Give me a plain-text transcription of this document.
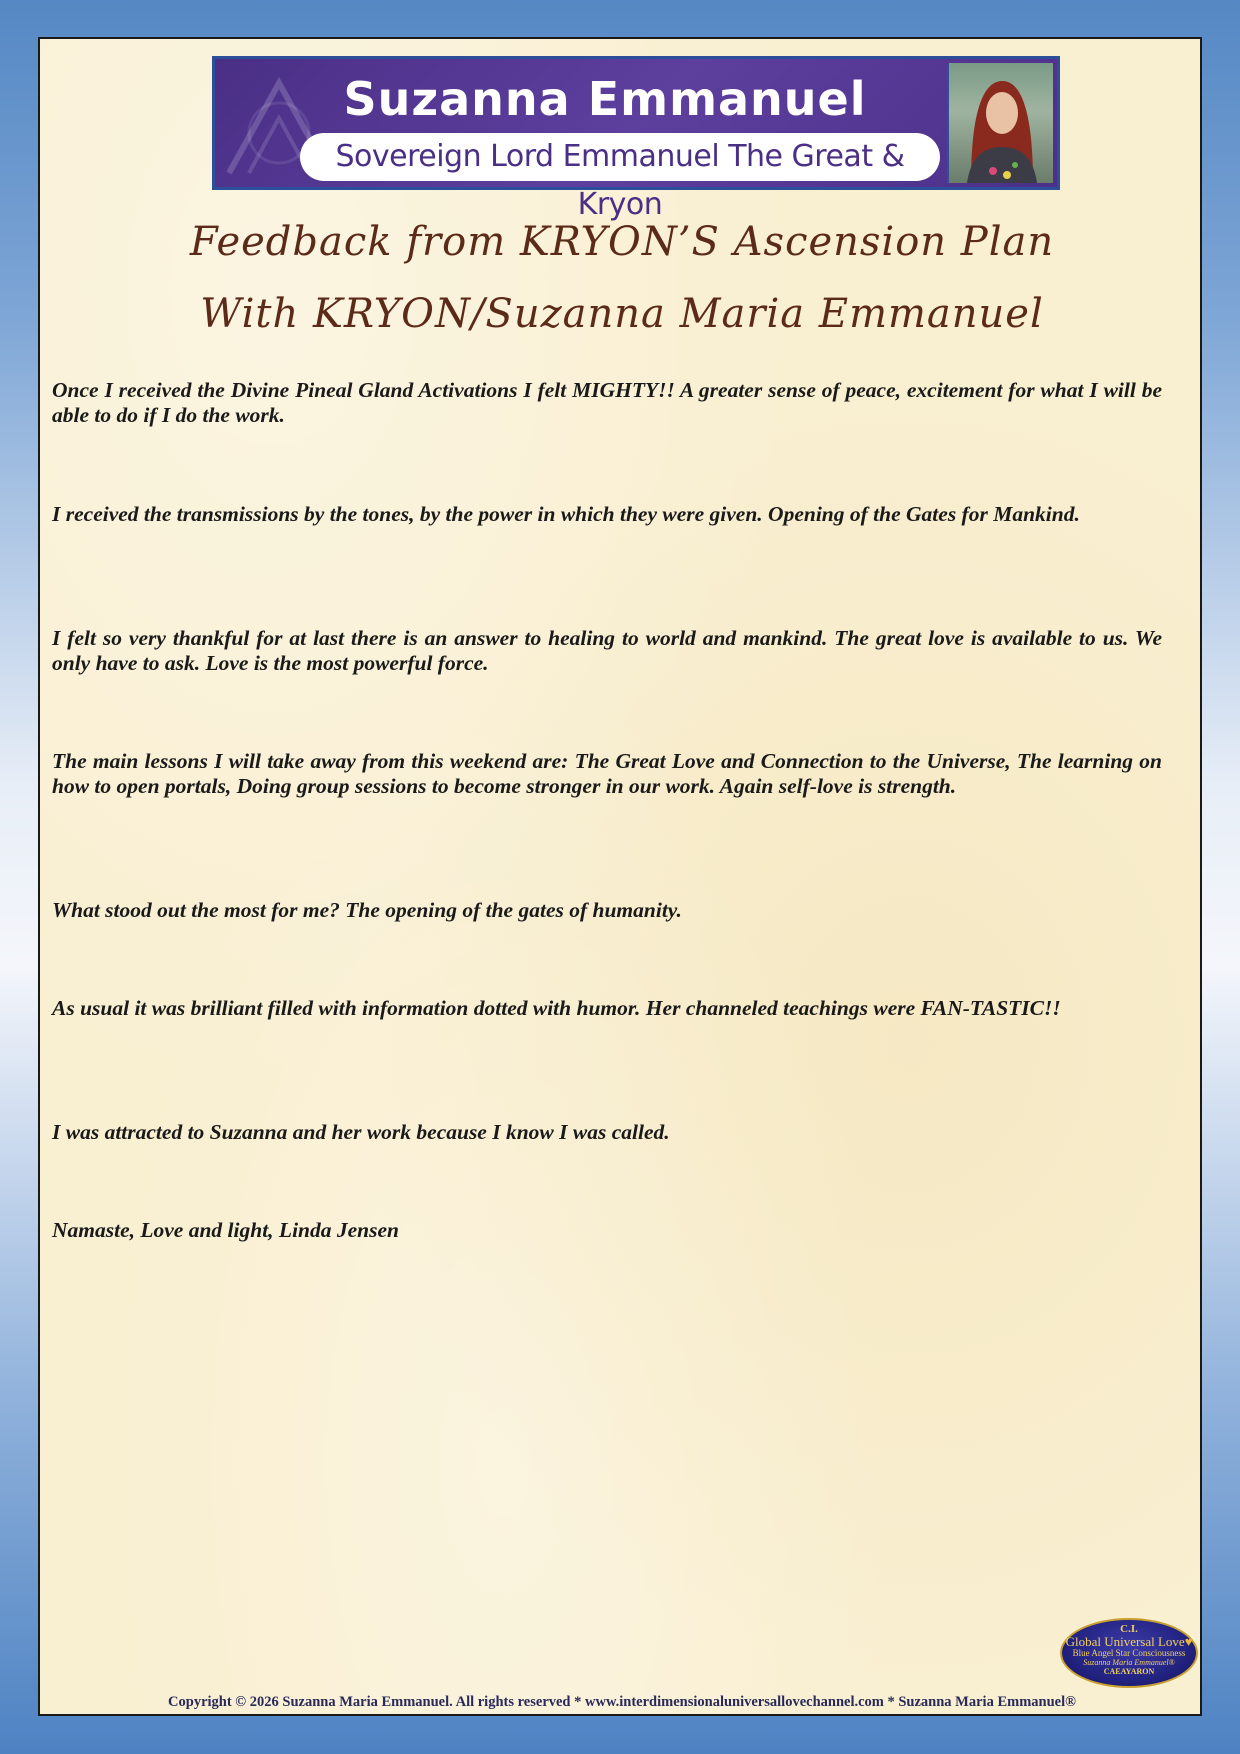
Suzanna Emmanuel
Sovereign Lord Emmanuel The Great & Kryon
Feedback from KRYON’S Ascension Plan
With KRYON/Suzanna Maria Emmanuel

Once I received the Divine Pineal Gland Activations I felt MIGHTY!! A greater sense of peace, excitement for what I will be able to do if I do the work.

I received the transmissions by the tones, by the power in which they were given. Opening of the Gates for Mankind.

I felt so very thankful for at last there is an answer to healing to world and mankind. The great love is available to us. We only have to ask. Love is the most powerful force.

The main lessons I will take away from this weekend are: The Great Love and Connection to the Universe, The learning on how to open portals, Doing group sessions to become stronger in our work. Again self-love is strength.

What stood out the most for me? The opening of the gates of humanity.

As usual it was brilliant filled with information dotted with humor. Her channeled teachings were FAN-TASTIC!!

I was attracted to Suzanna and her work because I know I was called.

Namaste, Love and light, Linda Jensen

C.I.
Global Universal Love♥
Blue Angel Star Consciousness
Suzanna Maria Emmanuel®
CAEAYARON
Copyright © 2026 Suzanna Maria Emmanuel. All rights reserved * www.interdimensionaluniversallovechannel.com * Suzanna Maria Emmanuel®
